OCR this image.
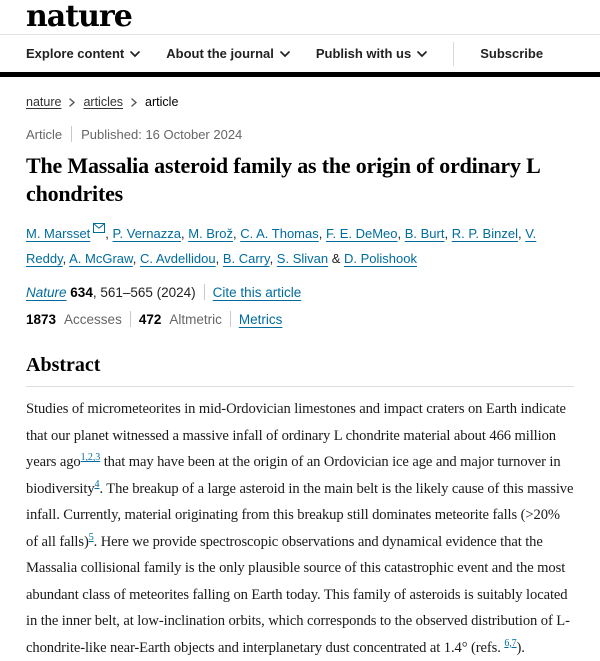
nature
Explore content	About the journal	Publish with us	Subscribe
nature articles article
Article Published: 16 October 2024
The Massalia asteroid family as the origin of ordinary L chondrites

M. Marsset , P. Vernazza, M. Brož, C. A. Thomas, F. E. DeMeo, B. Burt, R. P. Binzel, V. Reddy, A. McGraw, C. Avdellidou, B. Carry, S. Slivan & D. Polishook

Nature 634, 561–565 (2024) Cite this article
1873 Accesses 472 Altmetric Metrics
Abstract

Studies of micrometeorites in mid-Ordovician limestones and impact craters on Earth indicate that our planet witnessed a massive infall of ordinary L chondrite material about 466 million years ago$^{1,2,3}$ that may have been at the origin of an Ordovician ice age and major turnover in biodiversity$^4$. The breakup of a large asteroid in the main belt is the likely cause of this massive infall. Currently, material originating from this breakup still dominates meteorite falls (>20% of all falls)$^5$. Here we provide spectroscopic observations and dynamical evidence that the Massalia collisional family is the only plausible source of this catastrophic event and the most abundant class of meteorites falling on Earth today. This family of asteroids is suitably located in the inner belt, at low-inclination orbits, which corresponds to the observed distribution of L-chondrite-like near-Earth objects and interplanetary dust concentrated at 1.4° (refs. $^{6,7}$).
